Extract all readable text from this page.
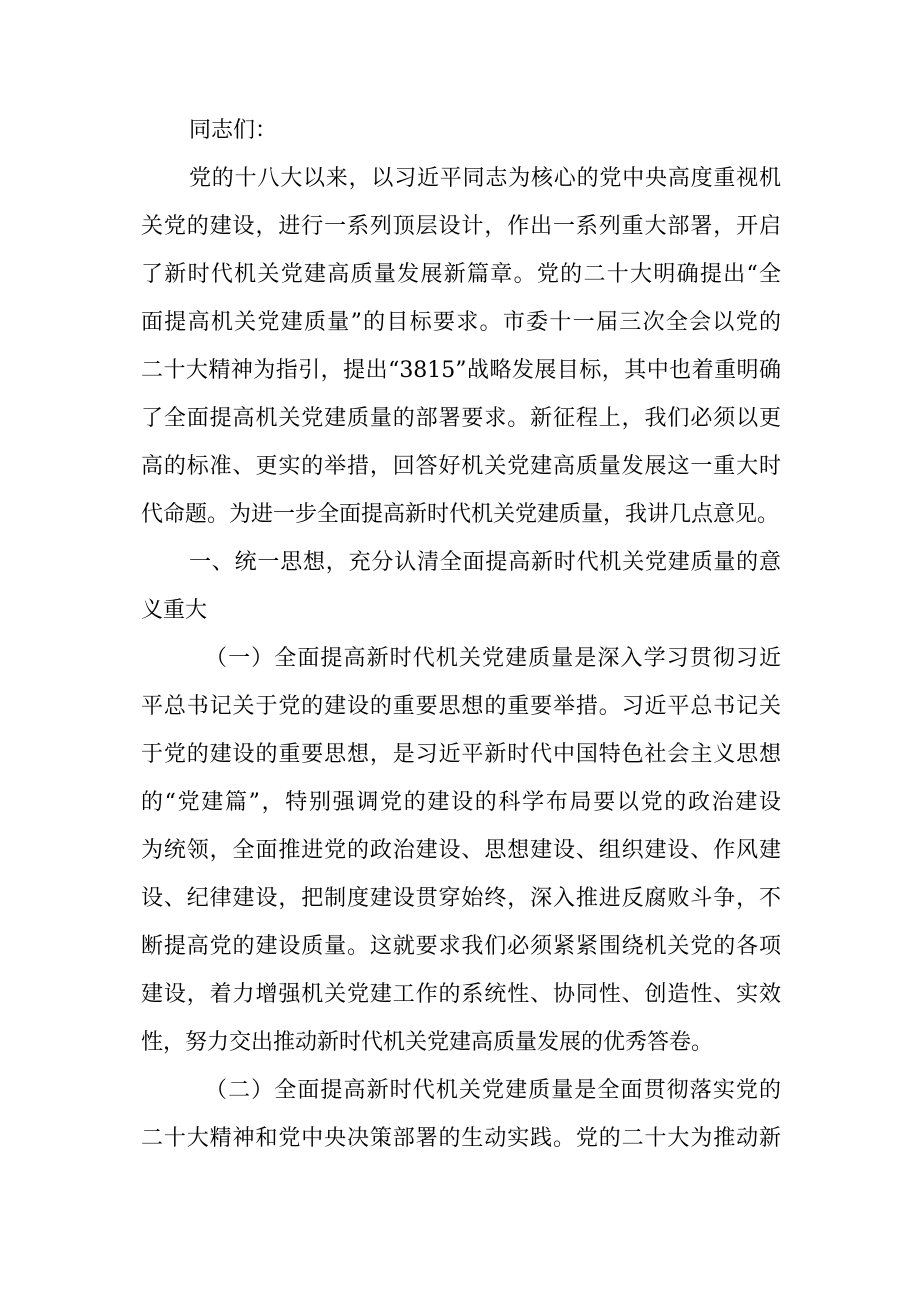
同志们：
党的十八大以来，以习近平同志为核心的党中央高度重视机
关党的建设，进行一系列顶层设计，作出一系列重大部署，开启
了新时代机关党建高质量发展新篇章。党的二十大明确提出“全
面提高机关党建质量”的目标要求。市委十一届三次全会以党的
二十大精神为指引，提出“3815”战略发展目标，其中也着重明确
了全面提高机关党建质量的部署要求。新征程上，我们必须以更
高的标准、更实的举措，回答好机关党建高质量发展这一重大时
代命题。为进一步全面提高新时代机关党建质量，我讲几点意见。
一、统一思想，充分认清全面提高新时代机关党建质量的意
义重大
（一）全面提高新时代机关党建质量是深入学习贯彻习近
平总书记关于党的建设的重要思想的重要举措。习近平总书记关
于党的建设的重要思想，是习近平新时代中国特色社会主义思想
的“党建篇”，特别强调党的建设的科学布局要以党的政治建设
为统领，全面推进党的政治建设、思想建设、组织建设、作风建
设、纪律建设，把制度建设贯穿始终，深入推进反腐败斗争，不
断提高党的建设质量。这就要求我们必须紧紧围绕机关党的各项
建设，着力增强机关党建工作的系统性、协同性、创造性、实效
性，努力交出推动新时代机关党建高质量发展的优秀答卷。
（二）全面提高新时代机关党建质量是全面贯彻落实党的
二十大精神和党中央决策部署的生动实践。党的二十大为推动新
